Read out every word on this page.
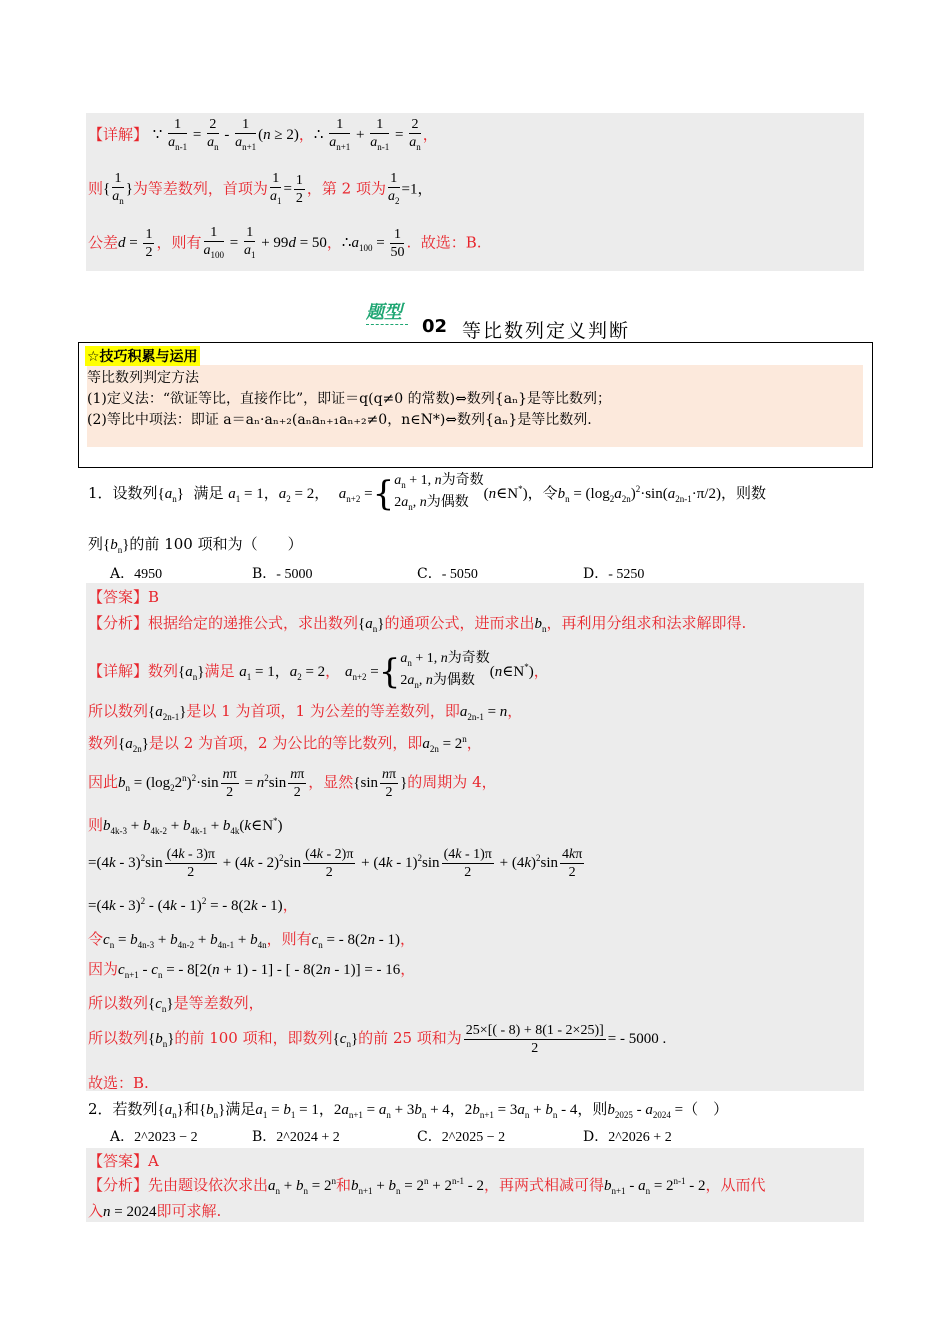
【详解】 ∵ $\frac{1}{a_{n-1}} = \frac{2}{a_n} - \frac{1}{a_{n+1}} (n \ge 2)$，∴ $\frac{1}{a_{n+1}} + \frac{1}{a_{n-1}} = \frac{2}{a_n}$ ，
则{ $\frac{1}{a_n}$ }为等差数列，首项为 $\frac{1}{a_1} = \frac{1}{2}$ ，第 2 项为 $\frac{1}{a_2} =1$，
公差$d = \frac{1}{2}$ ，则有 $\frac{1}{a_{100}} = \frac{1}{a_1} + 99d = 50$，$\therefore a_{100} = \frac{1}{50}$ .  故选：B.
题型
02 等比数列定义判断
☆技巧积累与运用
等比数列判定方法
(1)定义法：“欲证等比，直接作比”，即证＝q(q≠0 的常数)⇔数列{aₙ}是等比数列；
(2)等比中项法：即证 a＝aₙ·aₙ₊₂(aₙaₙ₊₁aₙ₊₂≠0，n∈N*)⇔数列{aₙ}是等比数列.
1．设数列$\{a_n\}$ 满足 $a_1 = 1$，$a_2 = 2$，  $a_{n+2} =\{a_n + 1$, n为奇数
$2a_n$, n为偶数(n∈N*)，令$b_n = (\log_2a_{2n})^2\cdot\sin(a_{2n-1}\cdot\pi/2)$，则数
列$\{b_n\}$的前 100 项和为（　　）
A．4950	B．- 5000	C．- 5050	D．- 5250
【答案】B
【分析】根据给定的递推公式，求出数列$\{a_n\}$的通项公式，进而求出$b_n$，再利用分组求和法求解即得.
【详解】数列$\{a_n\}$满足 $a_1 = 1$，$a_2 = 2$， $a_{n+2} =\{a_n + 1$, n为奇数
$2a_n$, n为偶数(n∈N*)，
所以数列$\{a_{2n-1}\}$是以 1 为首项，1 为公差的等差数列，即$a_{2n-1} = n$，
数列$\{a_{2n}\}$是以 2 为首项，2 为公比的等比数列，即$a_{2n} = 2^n$，
因此$b_n = (\log_22^n)^2\cdot\sin \frac{n\pi}{2} = n^2\sin \frac{n\pi}{2}$ ，显然{$\sin \frac{n\pi}{2}$ }的周期为 4，
则$b_{4k-3} + b_{4k-2} + b_{4k-1}$ + $b_{4k}(k\in N^*)$
$=(4k - 3)^2\sin \frac{(4k - 3)\pi}{2} + (4k - 2)^2\sin \frac{(4k - 2)\pi}{2} + (4k - 1)^2\sin \frac{(4k - 1)\pi}{2} + (4k)^2\sin \frac{4k\pi}{2}$
=(4k - 3)$^2$ - (4k - 1)$^2$ = - 8(2k - 1)，
令$c_n = b_{4n-3} + b_{4n-2} + b_{4n-1} + b_{4n}$，则有$c_n$ = - 8(2n - 1)，
因为$c_{n+1} - c_n$ = - 8[2(n + 1) - 1] - [ - 8(2n - 1)] = - 16，
所以数列$\{c_n\}$是等差数列，
所以数列$\{b_n\}$的前 100 项和，即数列$\{c_n\}$的前 25 项和为 $\frac{25\times[( - 8) + 8(1 - 2\times 25)]}{2}$ = - 5000 .
故选：B.
2．若数列$\{a_n\}$和$\{b_n\}$满足$a_1 = b_1 = 1$，$2a_{n+1} = a_n + 3b_n + 4$，$2b_{n+1} = 3a_n + b_n - 4$，则$b_{2025} - a_{2024}$ =（　）
A．2^2023 − 2	B．2^2024 + 2	C．2^2025 − 2	D．2^2026 + 2
【答案】A
【分析】先由题设依次求出$a_n + b_n = 2^n$和$b_{n+1} + b_n = 2^n + 2^{n-1} - 2$，再两式相减可得$b_{n+1} - a_n = 2^{n-1} - 2$，从而代
入n = 2024即可求解.
